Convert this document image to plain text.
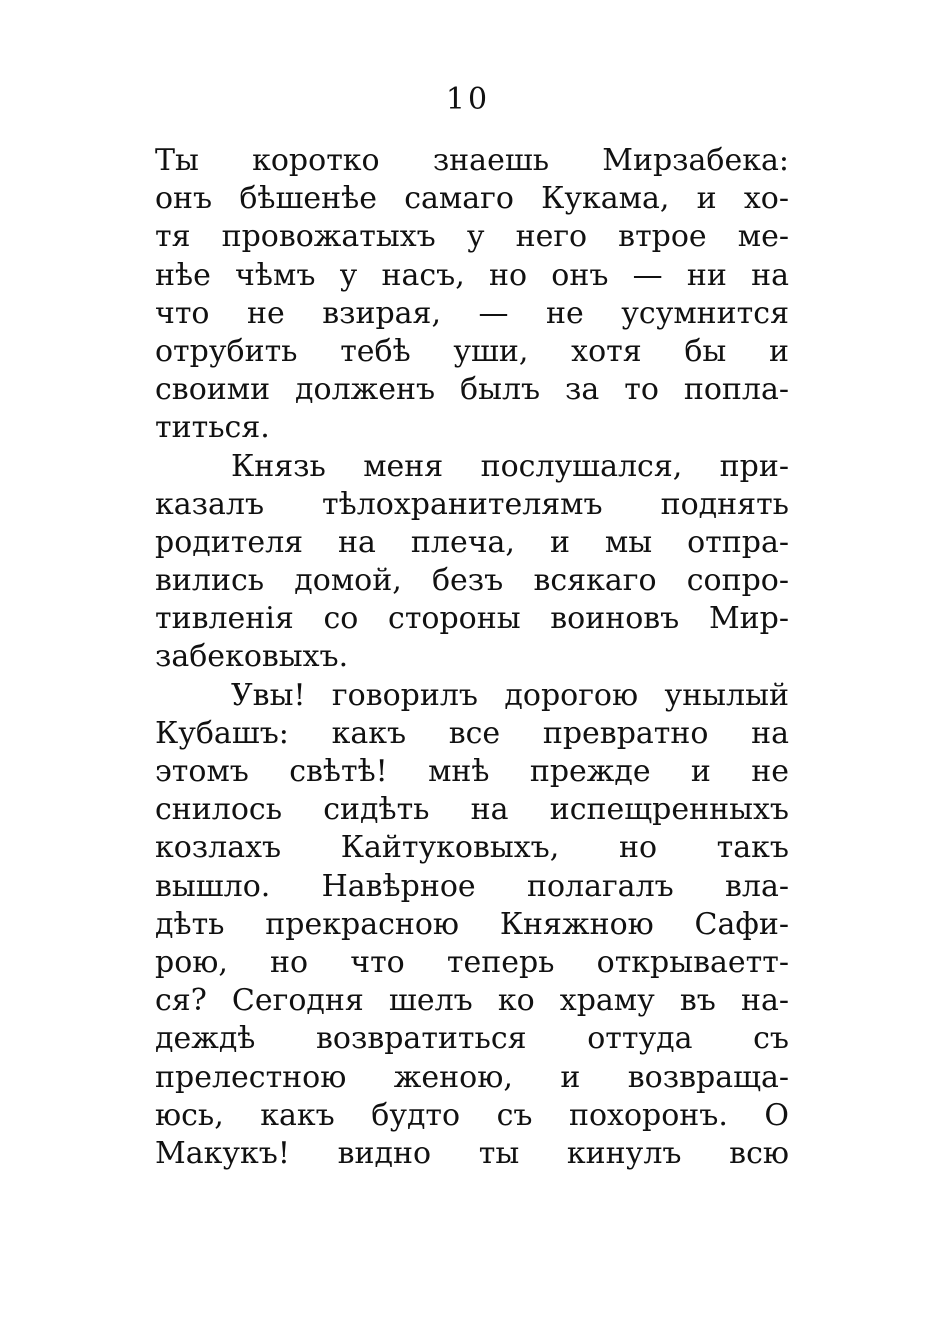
10
Ты коротко знаешь Мирзабека:
онъ бѣшенѣе самаго Кукама, и хо-
тя провожатыхъ у него втрое ме-
нѣе чѣмъ у насъ, но онъ — ни на
что не взирая, — не усумнится
отрубить тебѣ уши, хотя бы и
своими долженъ былъ за то попла-
титься.
Князь меня послушался, при-
казалъ тѣлохранителямъ поднять
родителя на плеча, и мы отпра-
вились домой, безъ всякаго сопро-
тивленія со стороны воиновъ Мир-
забековыхъ.
Увы! говорилъ дорогою унылый
Кубашъ: какъ все превратно на
этомъ свѣтѣ! мнѣ прежде и не
снилось сидѣть на испещренныхъ
козлахъ Кайтуковыхъ, но такъ
вышло. Навѣрное полагалъ вла-
дѣть прекрасною Княжною Сафи-
рою, но что теперь открываетт-
ся? Сегодня шелъ ко храму въ на-
деждѣ возвратиться оттуда съ
прелестною женою, и возвраща-
юсь, какъ будто съ похоронъ. О
Макукъ! видно ты кинулъ всю
